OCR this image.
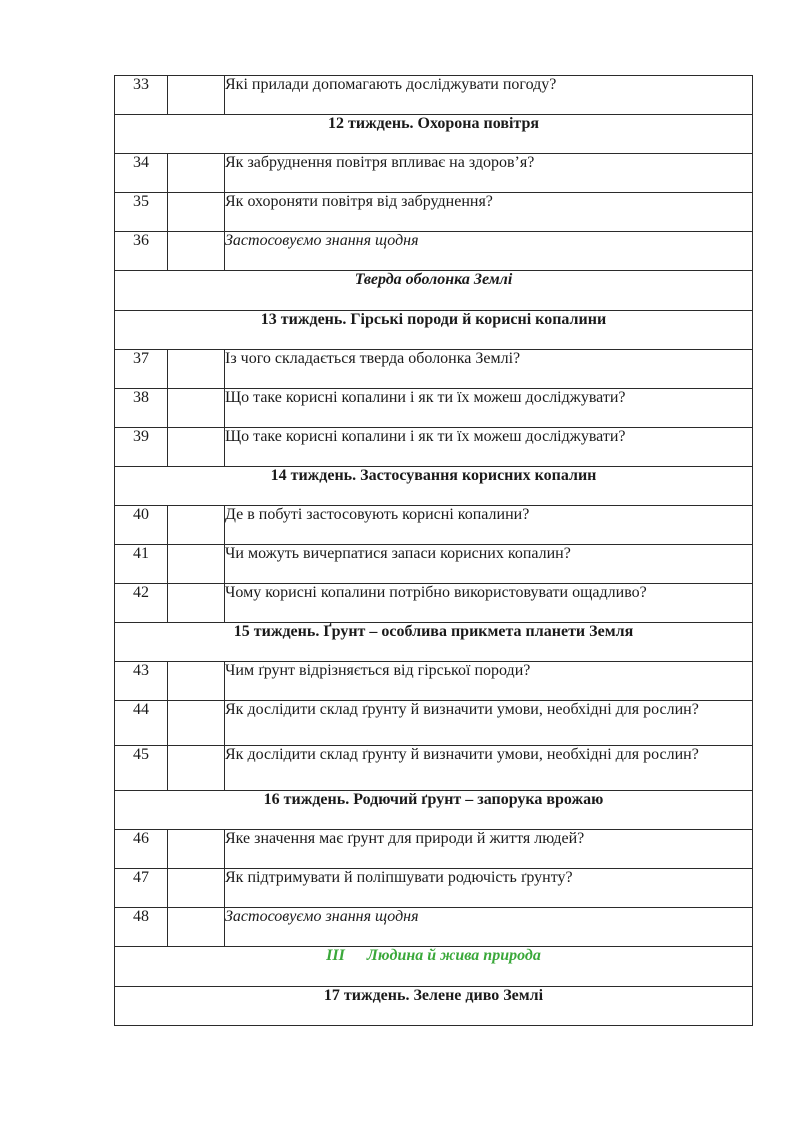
33		Які прилади допомагають досліджувати погоду?
12 тиждень. Охорона повітря		
34		Як забруднення повітря впливає на здоров’я?
35		Як охороняти повітря від забруднення?
36		Застосовуємо знання щодня
Тверда оболонка Землі		
13 тиждень. Гірські породи й корисні копалини		
37		Із чого складається тверда оболонка Землі?
38		Що таке корисні копалини і як ти їх можеш досліджувати?
39		Що таке корисні копалини і як ти їх можеш досліджувати?
14 тиждень. Застосування корисних копалин		
40		Де в побуті застосовують корисні копалини?
41		Чи можуть вичерпатися запаси корисних копалин?
42		Чому корисні копалини потрібно використовувати ощадливо?
15 тиждень. Ґрунт – особлива прикмета планети Земля		
43		Чим ґрунт відрізняється від гірської породи?
44		Як дослідити склад ґрунту й визначити умови, необхідні для рослин?
45		Як дослідити склад ґрунту й визначити умови, необхідні для рослин?
16 тиждень. Родючий ґрунт – запорука врожаю		
46		Яке значення має ґрунт для природи й життя людей?
47		Як підтримувати й поліпшувати родючість ґрунту?
48		Застосовуємо знання щодня
III Людина й жива природа		
17 тиждень. Зелене диво Землі		
